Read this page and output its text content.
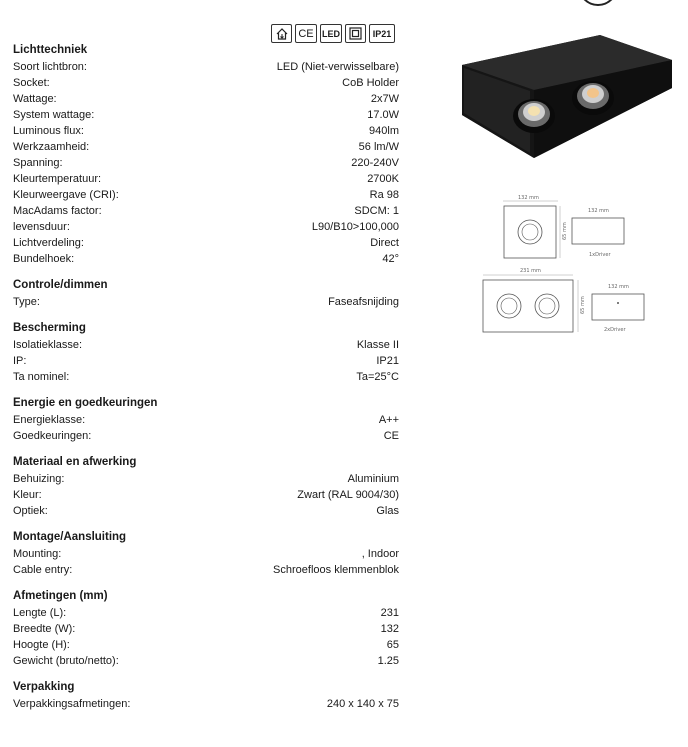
CE LED	IP21
Lichttechniek
Soort lichtbron:	LED (Niet-verwisselbare)
Socket:	CoB Holder
Wattage:	2x7W
System wattage:	17.0W
Luminous flux:	940lm
Werkzaamheid:	56 lm/W
Spanning:	220-240V
Kleurtemperatuur:	2700K
Kleurweergave (CRI):	Ra 98
MacAdams factor:	SDCM: 1
levensduur:	L90/B10>100,000
Lichtverdeling:	Direct
Bundelhoek:	42°
Controle/dimmen
Type:	Faseafsnijding
Bescherming
Isolatieklasse:	Klasse II
IP:	IP21
Ta nominel:	Ta=25°C
Energie en goedkeuringen
Energieklasse:	A++
Goedkeuringen:	CE
Materiaal en afwerking
Behuizing:	Aluminium
Kleur:	Zwart (RAL 9004/30)
Optiek:	Glas
Montage/Aansluiting
Mounting:	, Indoor
Cable entry:	Schroefloos klemmenblok
Afmetingen (mm)
Lengte (L):	231
Breedte (W):	132
Hoogte (H):	65
Gewicht (bruto/netto):	1.25
Verpakking
Verpakkingsafmetingen:	240 x 140 x 75
132 mm
65 mm
132 mm
1xDriver
231 mm
65 mm
132 mm
2xDriver
